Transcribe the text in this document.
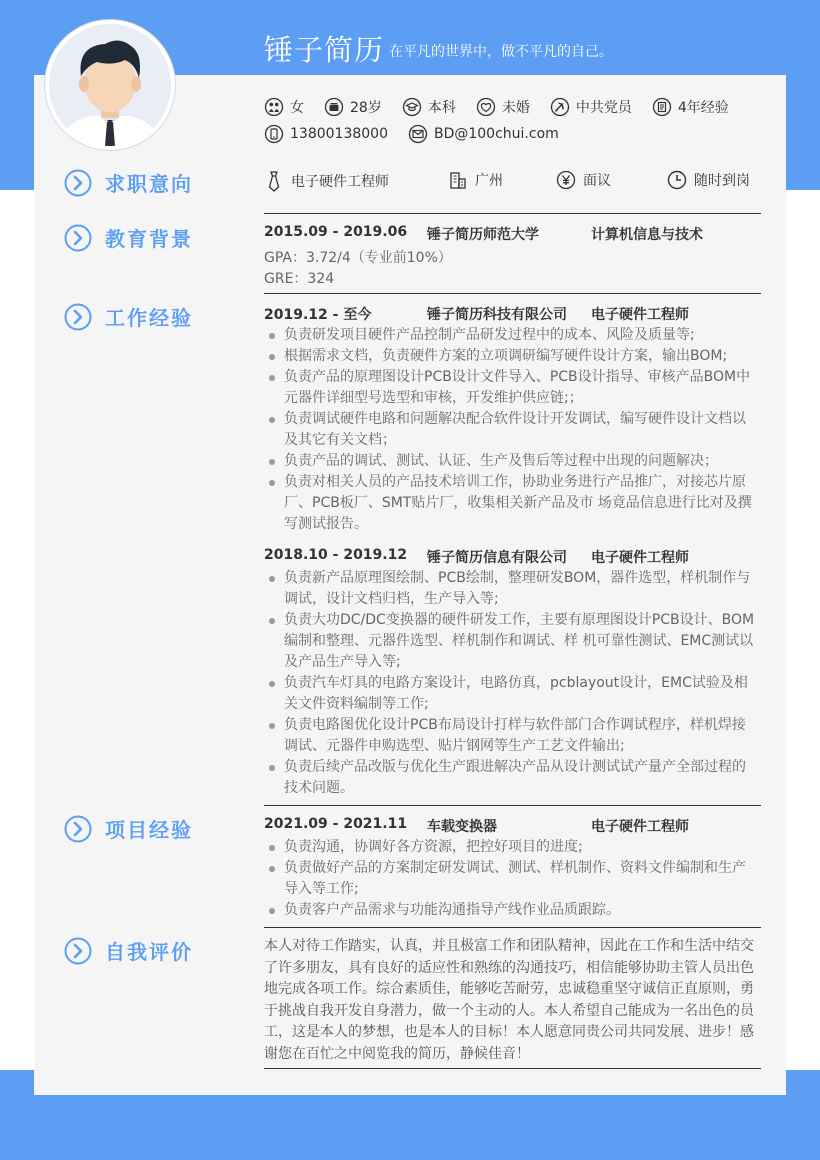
锤子简历 在平凡的世界中，做不平凡的自己。
女	28岁	本科	未婚	中共党员	4年经验
13800138000	BD@100chui.com
求职意向
教育背景
工作经验
项目经验
自我评价
电子硬件工程师	广州	面议	随时到岗
2015.09 - 2019.06 锤子简历师范大学	计算机信息与技术
GPA：3.72/4（专业前10%）
GRE：324
2019.12 - 至今	锤子简历科技有限公司 电子硬件工程师
负责研发项目硬件产品控制产品研发过程中的成本、风险及质量等;
根据需求文档，负责硬件方案的立项调研编写硬件设计方案，输出BOM;
负责产品的原理图设计PCB设计文件导入、PCB设计指导、审核产品BOM中元器件详细型号选型和审核，开发维护供应链;；
负责调试硬件电路和问题解决配合软件设计开发调试，编写硬件设计文档以及其它有关文档；
负责产品的调试、测试、认证、生产及售后等过程中出现的问题解决；
负责对相关人员的产品技术培训工作，协助业务进行产品推广，对接芯片原厂、PCB板厂、SMT贴片厂，收集相关新产品及市 场竟品信息进行比对及撰写测试报告。
2018.10 - 2019.12 锤子简历信息有限公司 电子硬件工程师
负责新产品原理图绘制、PCB绘制，整理研发BOM，器件选型，样机制作与调试，设计文档归档，生产导入等;
负责大功DC/DC变换器的硬件研发工作，主要有原理图设计PCB设计、BOM编制和整理、元器件选型、样机制作和调试、样 机可靠性测试、EMC测试以及产品生产导入等;
负责汽车灯具的电路方案设计，电路仿真，pcblayout设计，EMC试验及相关文件资料编制等工作;
负责电路图优化设计PCB布局设计打样与软件部门合作调试程序，样机焊接调试、元器件申购选型、贴片钢网等生产工艺文件输出;
负责后续产品改版与优化生产跟进解决产品从设计测试试产量产全部过程的技术问题。
2021.09 - 2021.11 车载变换器	电子硬件工程师
负责沟通，协调好各方资源，把控好项目的进度;
负责做好产品的方案制定研发调试、测试、样机制作、资料文件编制和生产导入等工作;
负责客户产品需求与功能沟通指导产线作业品质跟踪。
本人对待工作踏实，认真，并且极富工作和团队精神，因此在工作和生活中结交了许多朋友，具有良好的适应性和熟练的沟通技巧，相信能够协助主管人员出色地完成各项工作。综合素质佳，能够吃苦耐劳，忠诚稳重坚守诚信正直原则，勇于挑战自我开发自身潜力，做一个主动的人。本人希望自己能成为一名出色的员工，这是本人的梦想，也是本人的目标！本人愿意同贵公司共同发展、进步！感谢您在百忙之中阅览我的简历，静候佳音！
